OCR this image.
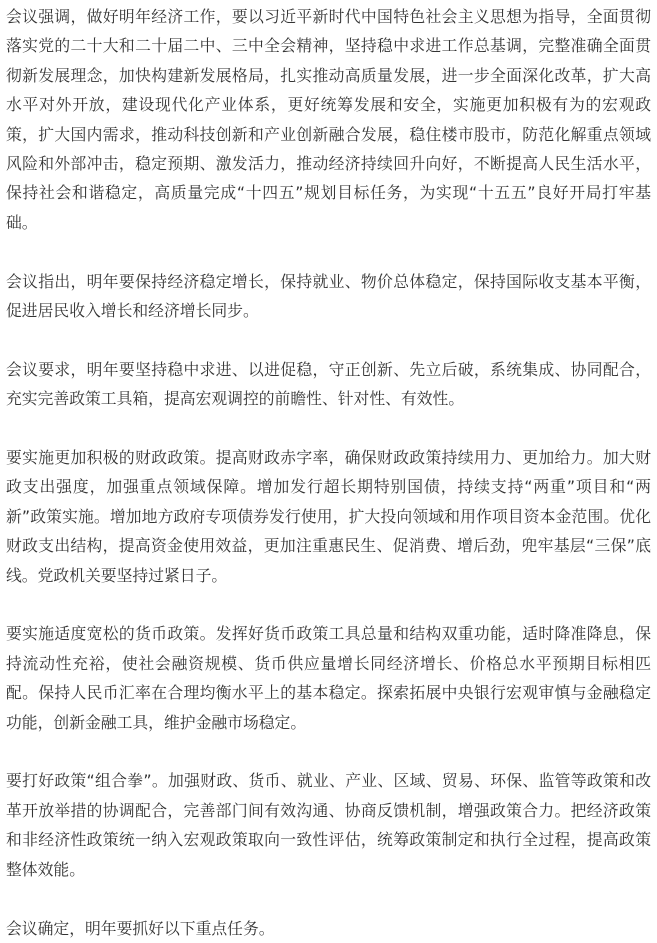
会议强调，做好明年经济工作，要以习近平新时代中国特色社会主义思想为指导，全面贯彻落实党的二十大和二十届二中、三中全会精神，坚持稳中求进工作总基调，完整准确全面贯彻新发展理念，加快构建新发展格局，扎实推动高质量发展，进一步全面深化改革，扩大高水平对外开放，建设现代化产业体系，更好统筹发展和安全，实施更加积极有为的宏观政策，扩大国内需求，推动科技创新和产业创新融合发展，稳住楼市股市，防范化解重点领域风险和外部冲击，稳定预期、激发活力，推动经济持续回升向好，不断提高人民生活水平，保持社会和谐稳定，高质量完成“十四五”规划目标任务，为实现“十五五”良好开局打牢基础。

会议指出，明年要保持经济稳定增长，保持就业、物价总体稳定，保持国际收支基本平衡，促进居民收入增长和经济增长同步。

会议要求，明年要坚持稳中求进、以进促稳，守正创新、先立后破，系统集成、协同配合，充实完善政策工具箱，提高宏观调控的前瞻性、针对性、有效性。

要实施更加积极的财政政策。提高财政赤字率，确保财政政策持续用力、更加给力。加大财政支出强度，加强重点领域保障。增加发行超长期特别国债，持续支持“两重”项目和“两新”政策实施。增加地方政府专项债券发行使用，扩大投向领域和用作项目资本金范围。优化财政支出结构，提高资金使用效益，更加注重惠民生、促消费、增后劲，兜牢基层“三保”底线。党政机关要坚持过紧日子。

要实施适度宽松的货币政策。发挥好货币政策工具总量和结构双重功能，适时降准降息，保持流动性充裕，使社会融资规模、货币供应量增长同经济增长、价格总水平预期目标相匹配。保持人民币汇率在合理均衡水平上的基本稳定。探索拓展中央银行宏观审慎与金融稳定功能，创新金融工具，维护金融市场稳定。

要打好政策“组合拳”。加强财政、货币、就业、产业、区域、贸易、环保、监管等政策和改革开放举措的协调配合，完善部门间有效沟通、协商反馈机制，增强政策合力。把经济政策和非经济性政策统一纳入宏观政策取向一致性评估，统筹政策制定和执行全过程，提高政策整体效能。

会议确定，明年要抓好以下重点任务。
